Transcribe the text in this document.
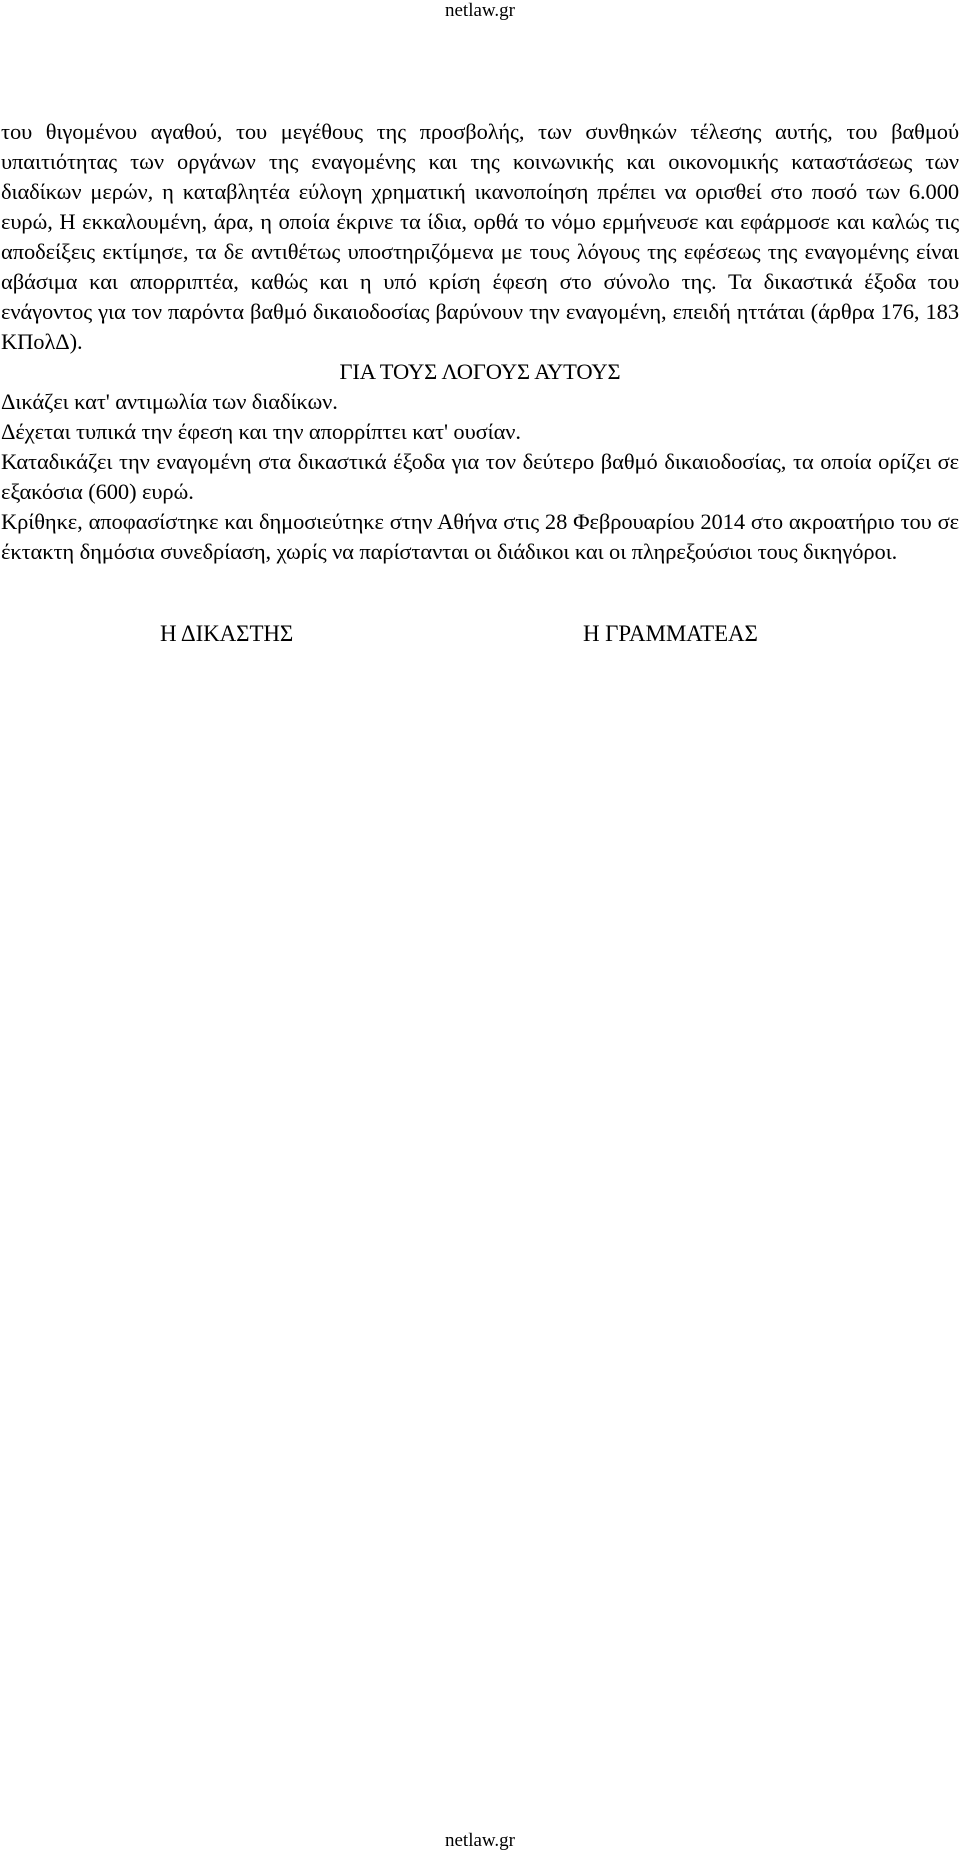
netlaw.gr

του θιγομένου αγαθού, του μεγέθους της προσβολής, των συνθηκών τέλεσης αυτής, του βαθμού υπαιτιότητας των οργάνων της εναγομένης και της κοινωνικής και οικονομικής καταστάσεως των διαδίκων μερών, η καταβλητέα εύλογη χρηματική ικανοποίηση πρέπει να ορισθεί στο ποσό των 6.000 ευρώ, Η εκκαλουμένη, άρα, η οποία έκρινε τα ίδια, ορθά το νόμο ερμήνευσε και εφάρμοσε και καλώς τις αποδείξεις εκτίμησε, τα δε αντιθέτως υποστηριζόμενα με τους λόγους της εφέσεως της εναγομένης είναι αβάσιμα και απορριπτέα, καθώς και η υπό κρίση έφεση στο σύνολο της. Τα δικαστικά έξοδα του ενάγοντος για τον παρόντα βαθμό δικαιοδοσίας βαρύνουν την εναγομένη, επειδή ηττάται (άρθρα 176, 183 ΚΠολΔ).

ΓΙΑ ΤΟΥΣ ΛΟΓΟΥΣ ΑΥΤΟΥΣ

Δικάζει κατ' αντιμωλία των διαδίκων.

Δέχεται τυπικά την έφεση και την απορρίπτει κατ' ουσίαν.

Καταδικάζει την εναγομένη στα δικαστικά έξοδα για τον δεύτερο βαθμό δικαιοδοσίας, τα οποία ορίζει σε εξακόσια (600) ευρώ.

Κρίθηκε, αποφασίστηκε και δημοσιεύτηκε στην Αθήνα στις 28 Φεβρουαρίου 2014 στο ακροατήριο του σε έκτακτη δημόσια συνεδρίαση, χωρίς να παρίστανται οι διάδικοι και οι πληρεξούσιοι τους δικηγόροι.

Η ΔΙΚΑΣΤΗΣ	Η ΓΡΑΜΜΑΤΕΑΣ
netlaw.gr
